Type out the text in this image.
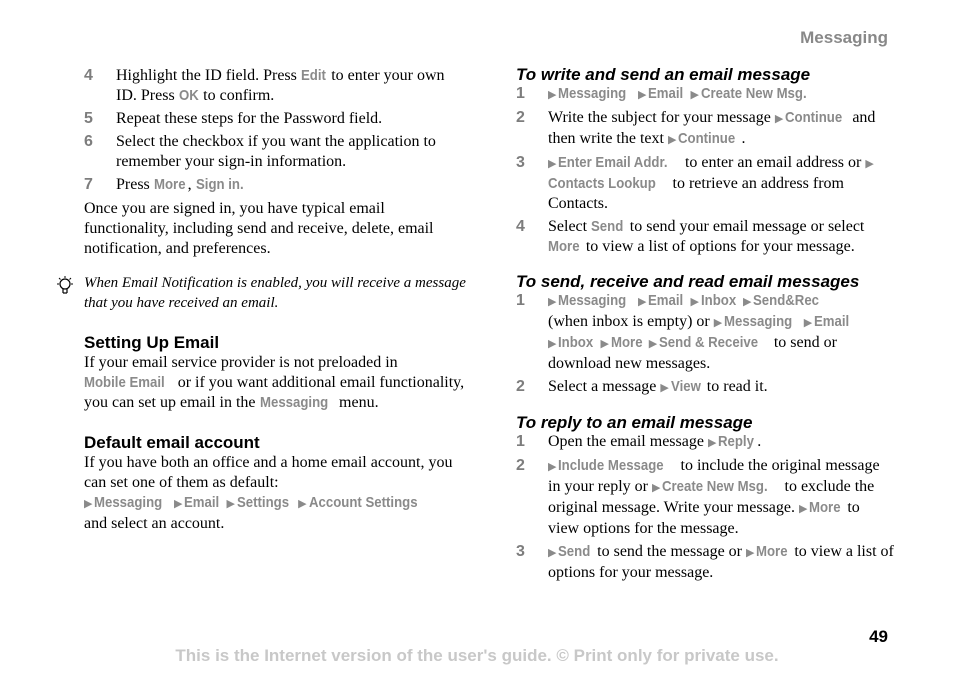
Messaging
4 Highlight the ID field. Press Edit to enter your own ID. Press OK to confirm.
5 Repeat these steps for the Password field.
6 Select the checkbox if you want the application to remember your sign-in information.
7 Press More , Sign in.

Once you are signed in, you have typical email functionality, including send and receive, delete, email notification, and preferences.

When Email Notification is enabled, you will receive a message that you have received an email.
Setting Up Email

If your email service provider is not preloaded in Mobile Email or if you want additional email functionality, you can set up email in the Messaging menu.

Default email account

If you have both an office and a home email account, you can set one of them as default:
▶ Messaging ▶ Email ▶ Settings ▶ Account Settings
and select an account.

To write and send an email message
1 ▶ Messaging ▶ Email ▶ Create New Msg.
2 Write the subject for your message ▶ Continue and then write the text ▶ Continue .
3 ▶ Enter Email Addr. to enter an email address or ▶Contacts Lookup to retrieve an address from Contacts.
4 Select Send to send your email message or select More to view a list of options for your message.
To send, receive and read email messages
1 ▶ Messaging ▶ Email ▶ Inbox ▶ Send&Rec
(when inbox is empty) or ▶ Messaging ▶ Email
▶ Inbox ▶ More ▶ Send & Receive to send or download new messages.
2 Select a message ▶ View to read it.
To reply to an email message
1 Open the email message ▶ Reply .
2 ▶ Include Message to include the original message in your reply or ▶ Create New Msg. to exclude the original message. Write your message. ▶ More to view options for the message.
3 ▶ Send to send the message or ▶ More to view a list of options for your message.
49
This is the Internet version of the user's guide. © Print only for private use.
